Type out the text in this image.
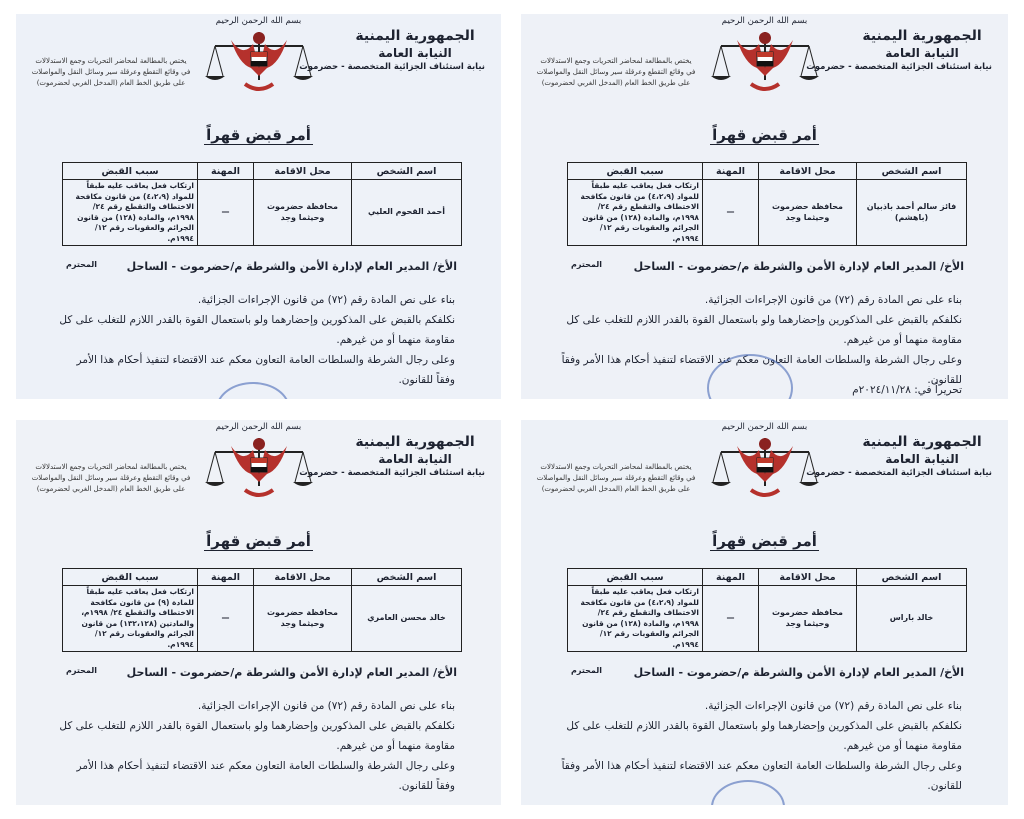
الجمهورية اليمنية
النيابة العامة
نيابة استئناف الجزائية المتخصصة - حضرموت
بسم الله الرحمن الرحيم
يختص بالمطالعة لمحاضر التحريات وجمع الاستدلالات
في وقائع التقطع وعرقلة سير وسائل النقل والمواصلات
على طريق الخط العام (المدخل الغربي لحضرموت)
أمر قبض قهراً
اسم الشخص	محل الاقامة	المهنة	سبب القبض
أحمد القحوم العليي	محافظة حضرموت وحيثما وجد	—	ارتكاب فعل يعاقب عليه طبقاً للمواد (٤،٢،٩) من قانون مكافحة الاختطاف والتقطع رقم ٢٤/ ١٩٩٨م، والمادة (١٢٨) من قانون الجرائم والعقوبات رقم ١٢/ ١٩٩٤م.
الأخ/ المدير العام لإدارة الأمن والشرطة م/حضرموت - الساحل
المحترم

بناء على نص المادة رقم (٧٢) من قانون الإجراءات الجزائية.

نكلفكم بالقبض على المذكورين وإحضارهما ولو باستعمال القوة بالقدر اللازم للتغلب على كل مقاومة منهما أو من غيرهم.

وعلى رجال الشرطة والسلطات العامة التعاون معكم عند الاقتضاء لتنفيذ أحكام هذا الأمر وفقاً للقانون.

الجمهورية اليمنية
النيابة العامة
نيابة استئناف الجزائية المتخصصة - حضرموت
بسم الله الرحمن الرحيم
يختص بالمطالعة لمحاضر التحريات وجمع الاستدلالات
في وقائع التقطع وعرقلة سير وسائل النقل والمواصلات
على طريق الخط العام (المدخل الغربي لحضرموت)
أمر قبض قهراً
اسم الشخص	محل الاقامة	المهنة	سبب القبض
فائز سالم أحمد باذبيان (باهشم)	محافظة حضرموت وحيثما وجد	—	ارتكاب فعل يعاقب عليه طبقاً للمواد (٤،٢،٩) من قانون مكافحة الاختطاف والتقطع رقم ٢٤/ ١٩٩٨م، والمادة (١٢٨) من قانون الجرائم والعقوبات رقم ١٢/ ١٩٩٤م.
الأخ/ المدير العام لإدارة الأمن والشرطة م/حضرموت - الساحل
المحترم

بناء على نص المادة رقم (٧٢) من قانون الإجراءات الجزائية.

نكلفكم بالقبض على المذكورين وإحضارهما ولو باستعمال القوة بالقدر اللازم للتغلب على كل مقاومة منهما أو من غيرهم.

وعلى رجال الشرطة والسلطات العامة التعاون معكم عند الاقتضاء لتنفيذ أحكام هذا الأمر وفقاً للقانون.

تحريراً في: ٢٠٢٤/١١/٢٨م
الجمهورية اليمنية
النيابة العامة
نيابة استئناف الجزائية المتخصصة - حضرموت
بسم الله الرحمن الرحيم
يختص بالمطالعة لمحاضر التحريات وجمع الاستدلالات
في وقائع التقطع وعرقلة سير وسائل النقل والمواصلات
على طريق الخط العام (المدخل الغربي لحضرموت)
أمر قبض قهراً
اسم الشخص	محل الاقامة	المهنة	سبب القبض
خالد محسن العامري	محافظة حضرموت وحيثما وجد	—	ارتكاب فعل يعاقب عليه طبقاً للمادة (٩) من قانون مكافحة الاختطاف والتقطع ٢٤/ ١٩٩٨م، والمادتين (١٣٢،١٢٨) من قانون الجرائم والعقوبات رقم ١٢/ ١٩٩٤م.
الأخ/ المدير العام لإدارة الأمن والشرطة م/حضرموت - الساحل
المحترم

بناء على نص المادة رقم (٧٢) من قانون الإجراءات الجزائية.

نكلفكم بالقبض على المذكورين وإحضارهما ولو باستعمال القوة بالقدر اللازم للتغلب على كل مقاومة منهما أو من غيرهم.

وعلى رجال الشرطة والسلطات العامة التعاون معكم عند الاقتضاء لتنفيذ أحكام هذا الأمر وفقاً للقانون.

الجمهورية اليمنية
النيابة العامة
نيابة استئناف الجزائية المتخصصة - حضرموت
بسم الله الرحمن الرحيم
يختص بالمطالعة لمحاضر التحريات وجمع الاستدلالات
في وقائع التقطع وعرقلة سير وسائل النقل والمواصلات
على طريق الخط العام (المدخل الغربي لحضرموت)
أمر قبض قهراً
اسم الشخص	محل الاقامة	المهنة	سبب القبض
خالد باراس	محافظة حضرموت وحيثما وجد	—	ارتكاب فعل يعاقب عليه طبقاً للمواد (٤،٢،٩) من قانون مكافحة الاختطاف والتقطع رقم ٢٤/ ١٩٩٨م، والمادة (١٢٨) من قانون الجرائم والعقوبات رقم ١٢/ ١٩٩٤م.
الأخ/ المدير العام لإدارة الأمن والشرطة م/حضرموت - الساحل
المحترم

بناء على نص المادة رقم (٧٢) من قانون الإجراءات الجزائية.

نكلفكم بالقبض على المذكورين وإحضارهما ولو باستعمال القوة بالقدر اللازم للتغلب على كل مقاومة منهما أو من غيرهم.

وعلى رجال الشرطة والسلطات العامة التعاون معكم عند الاقتضاء لتنفيذ أحكام هذا الأمر وفقاً للقانون.
